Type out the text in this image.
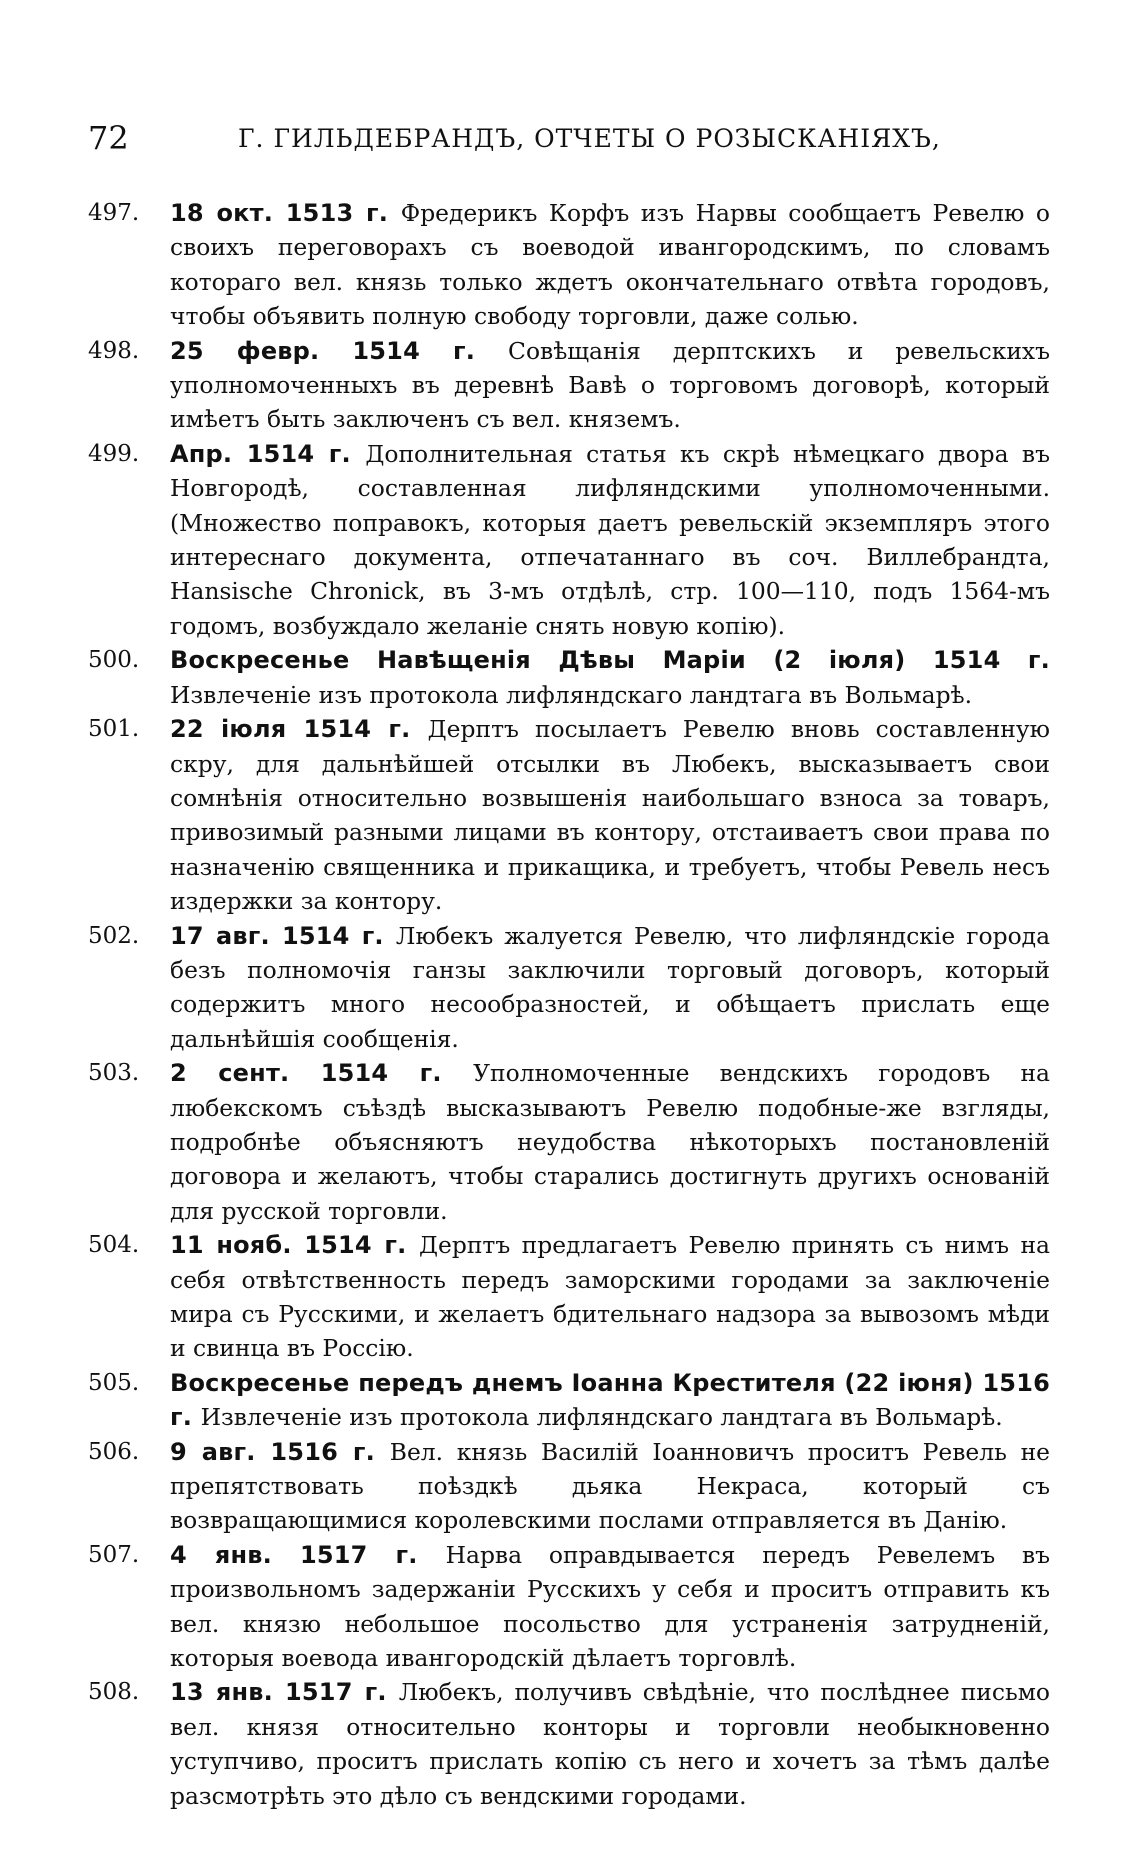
72	Г. ГИЛЬДЕБРАНДЪ, ОТЧЕТЫ О РОЗЫСКАНІЯХЪ,
497.	18 окт. 1513 г. Фредерикъ Корфъ изъ Нарвы сообщаетъ Ревелю о своихъ переговорахъ съ воеводой ивангородскимъ, по словамъ котораго вел. князь только ждетъ окончательнаго отвѣта городовъ, чтобы объявить полную свободу торговли, даже солью.
498.	25 февр. 1514 г. Совѣщанія дерптскихъ и ревельскихъ уполномоченныхъ въ деревнѣ Вавѣ о торговомъ договорѣ, который имѣетъ быть заключенъ съ вел. княземъ.
499.	Апр. 1514 г. Дополнительная статья къ скрѣ нѣмецкаго двора въ Новгородѣ, составленная лифляндскими уполномоченными. (Множество поправокъ, которыя даетъ ревельскій экземпляръ этого интереснаго документа, отпечатаннаго въ соч. Виллебрандта, Hansische Chronick, въ 3-мъ отдѣлѣ, стр. 100—110, подъ 1564-мъ годомъ, возбуждало желаніе снять новую копію).
500.	Воскресенье Навѣщенія Дѣвы Маріи (2 іюля) 1514 г. Извлеченіе изъ протокола лифляндскаго ландтага въ Вольмарѣ.
501.	22 іюля 1514 г. Дерптъ посылаетъ Ревелю вновь составленную скру, для дальнѣйшей отсылки въ Любекъ, высказываетъ свои сомнѣнія относительно возвышенія наибольшаго взноса за товаръ, привозимый разными лицами въ контору, отстаиваетъ свои права по назначенію священника и прикащика, и требуетъ, чтобы Ревель несъ издержки за контору.
502.	17 авг. 1514 г. Любекъ жалуется Ревелю, что лифляндскіе города безъ полномочія ганзы заключили торговый договоръ, который содержитъ много несообразностей, и обѣщаетъ прислать еще дальнѣйшія сообщенія.
503.	2 сент. 1514 г. Уполномоченные вендскихъ городовъ на любекскомъ съѣздѣ высказываютъ Ревелю подобные-же взгляды, подробнѣе объясняютъ неудобства нѣкоторыхъ постановленій договора и желаютъ, чтобы старались достигнуть другихъ основаній для русской торговли.
504.	11 нояб. 1514 г. Дерптъ предлагаетъ Ревелю принять съ нимъ на себя отвѣтственность передъ заморскими городами за заключеніе мира съ Русскими, и желаетъ бдительнаго надзора за вывозомъ мѣди и свинца въ Россію.
505.	Воскресенье передъ днемъ Іоанна Крестителя (22 іюня) 1516 г. Извлеченіе изъ протокола лифляндскаго ландтага въ Вольмарѣ.
506.	9 авг. 1516 г. Вел. князь Василій Іоанновичъ проситъ Ревель не препятствовать поѣздкѣ дьяка Некраса, который съ возвращающимися королевскими послами отправляется въ Данію.
507.	4 янв. 1517 г. Нарва оправдывается передъ Ревелемъ въ произвольномъ задержаніи Русскихъ у себя и проситъ отправить къ вел. князю небольшое посольство для устраненія затрудненій, которыя воевода ивангородскій дѣлаетъ торговлѣ.
508.	13 янв. 1517 г. Любекъ, получивъ свѣдѣніе, что послѣднее письмо вел. князя относительно конторы и торговли необыкновенно уступчиво, проситъ прислать копію съ него и хочетъ за тѣмъ далѣе разсмотрѣть это дѣло съ вендскими городами.
